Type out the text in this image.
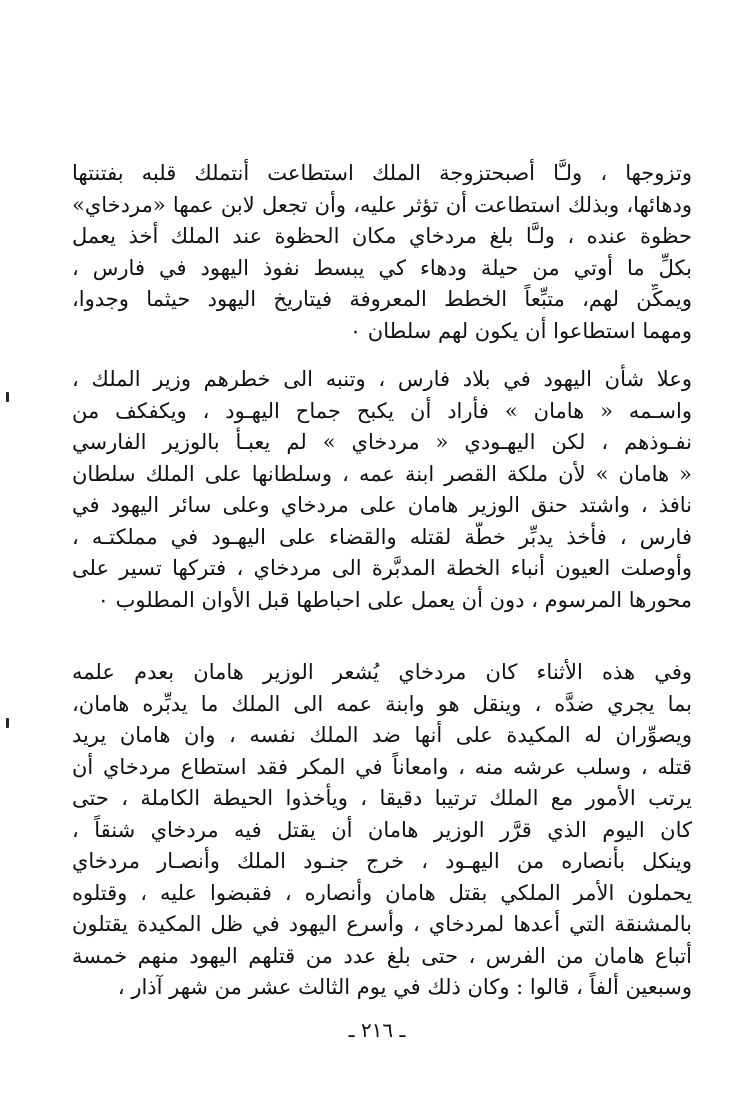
وتزوجها ، ولـَّا أصبحتزوجة الملك استطاعت أنتملك قلبه بفتنتها
ودهائها، وبذلك استطاعت أن تؤثر عليه، وأن تجعل لابن عمها «مردخاي»
حظوة عنده ، ولـَّا بلغ مردخاي مكان الحظوة عند الملك أخذ يعمل
بكلِّ ما أوتي من حيلة ودهاء كي يبسط نفوذ اليهود في فارس ،
ويمكِّن لهم، متبِّعاً الخطط المعروفة فيتاريخ اليهود حيثما وجدوا،
ومهما استطاعوا أن يكون لهم سلطان ٠
وعلا شأن اليهود في بلاد فارس ، وتنبه الى خطرهم وزير الملك ،
واسـمه « هامان » فأراد أن يكبح جماح اليهـود ، ويكفكف من
نفـوذهم ، لكن اليهـودي « مردخاي » لم يعبـأ بالوزير الفارسي
« هامان » لأن ملكة القصر ابنة عمه ، وسلطانها على الملك سلطان
نافذ ، واشتد حنق الوزير هامان على مردخاي وعلى سائر اليهود في
فارس ، فأخذ يدبِّر خطَّة لقتله والقضاء على اليهـود في مملكتـه ،
وأوصلت العيون أنباء الخطة المدبَّرة الى مردخاي ، فتركها تسير على
محورها المرسوم ، دون أن يعمل على احباطها قبل الأوان المطلوب ٠
وفي هذه الأثناء كان مردخاي يُشعر الوزير هامان بعدم علمه
بما يجري ضدَّه ، وينقل هو وابنة عمه الى الملك ما يدبِّره هامان،
ويصوِّران له المكيدة على أنها ضد الملك نفسه ، وان هامان يريد
قتله ، وسلب عرشه منه ، وامعاناً في المكر فقد استطاع مردخاي أن
يرتب الأمور مع الملك ترتيبا دقيقا ، ويأخذوا الحيطة الكاملة ، حتى
كان اليوم الذي قرَّر الوزير هامان أن يقتل فيه مردخاي شنقاً ،
وينكل بأنصاره من اليهـود ، خرج جنـود الملك وأنصـار مردخاي
يحملون الأمر الملكي بقتل هامان وأنصاره ، فقبضوا عليه ، وقتلوه
بالمشنقة التي أعدها لمردخاي ، وأسرع اليهود في ظل المكيدة يقتلون
أتباع هامان من الفرس ، حتى بلغ عدد من قتلهم اليهود منهم خمسة
وسبعين ألفاً ، قالوا : وكان ذلك في يوم الثالث عشر من شهر آذار ،
ـ ٢١٦ ـ
